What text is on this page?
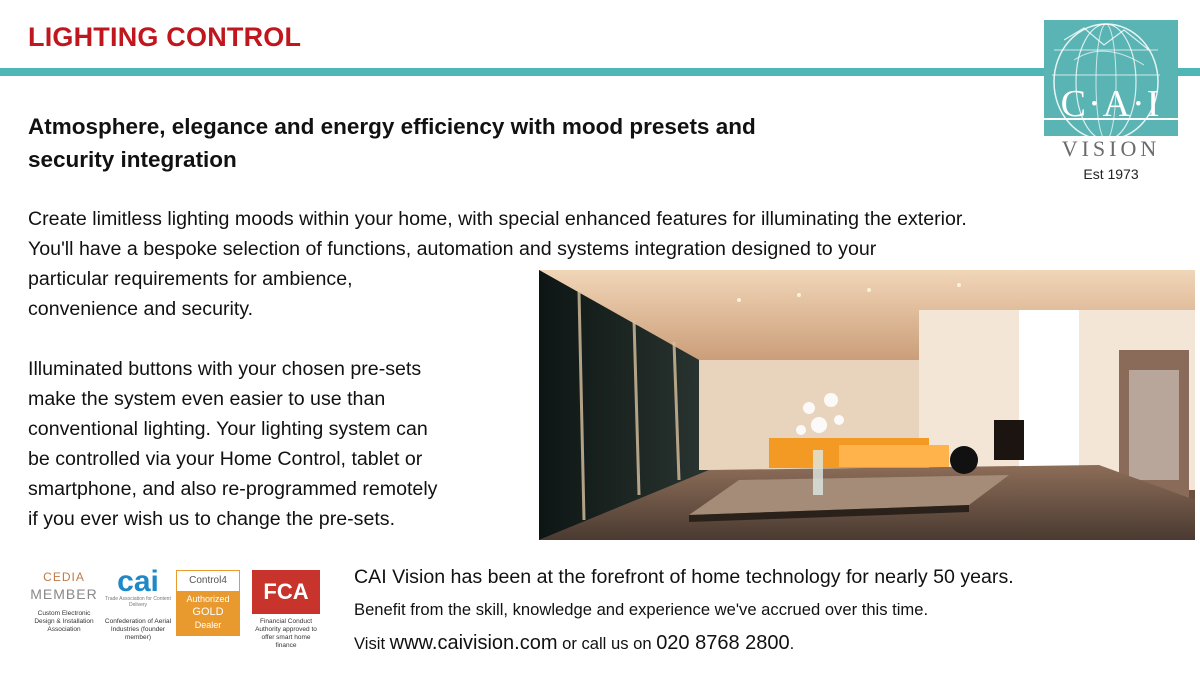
LIGHTING CONTROL
C·A·I
VISION
Est 1973
Atmosphere, elegance and energy efficiency with mood presets and
security integration
Create limitless lighting moods within your home, with special enhanced features for illuminating the exterior.
You'll have a bespoke selection of functions, automation and systems integration designed to your
particular requirements for ambience,
convenience and security.
Illuminated buttons with your chosen pre-sets
make the system even easier to use than
conventional lighting. Your lighting system can
be controlled via your Home Control, tablet or
smartphone, and also re-programmed remotely
if you ever wish us to change the pre-sets.
CEDIA
MEMBER
Custom Electronic Design & Installation Association
cai
Trade Association for Content Delivery
Confederation of Aerial Industries (founder member)
Control4
Authorized
GOLD
Dealer
FCA
Financial Conduct Authority approved to offer smart home finance
CAI Vision has been at the forefront of home technology for nearly 50 years.
Benefit from the skill, knowledge and experience we've accrued over this time.
Visit www.caivision.com or call us on 020 8768 2800.
